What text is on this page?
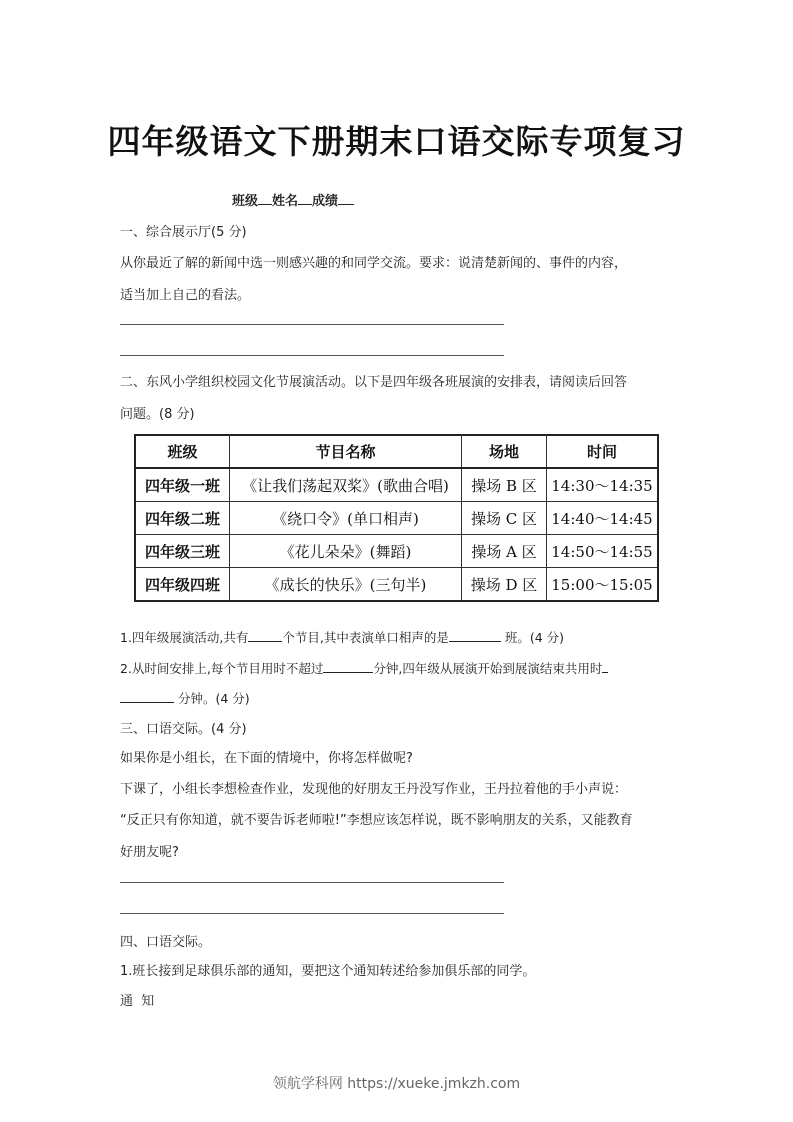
四年级语文下册期末口语交际专项复习
班级 姓名 成绩
一、综合展示厅(5 分)
从你最近了解的新闻中选一则感兴趣的和同学交流。要求：说清楚新闻的、事件的内容，
适当加上自己的看法。
二、东风小学组织校园文化节展演活动。以下是四年级各班展演的安排表，请阅读后回答
问题。(8 分)
班级	节目名称	场地	时间
四年级一班	《让我们荡起双桨》(歌曲合唱)	操场 B 区	14:30～14:35
四年级二班	《绕口令》(单口相声)	操场 C 区	14:40～14:45
四年级三班	《花儿朵朵》(舞蹈)	操场 A 区	14:50～14:55
四年级四班	《成长的快乐》(三句半)	操场 D 区	15:00～15:05
1.四年级展演活动,共有	个节目,其中表演单口相声的是	班。(4 分)
2.从时间安排上,每个节目用时不超过	分钟,四年级从展演开始到展演结束共用时
分钟。(4 分)
三、口语交际。(4 分)
如果你是小组长，在下面的情境中，你将怎样做呢?
下课了，小组长李想检查作业，发现他的好朋友王丹没写作业，王丹拉着他的手小声说：
“反正只有你知道，就不要告诉老师啦!”李想应该怎样说，既不影响朋友的关系，又能教育
好朋友呢?
四、口语交际。
1.班长接到足球俱乐部的通知，要把这个通知转述给参加俱乐部的同学。
通  知
领航学科网 https://xueke.jmkzh.com
